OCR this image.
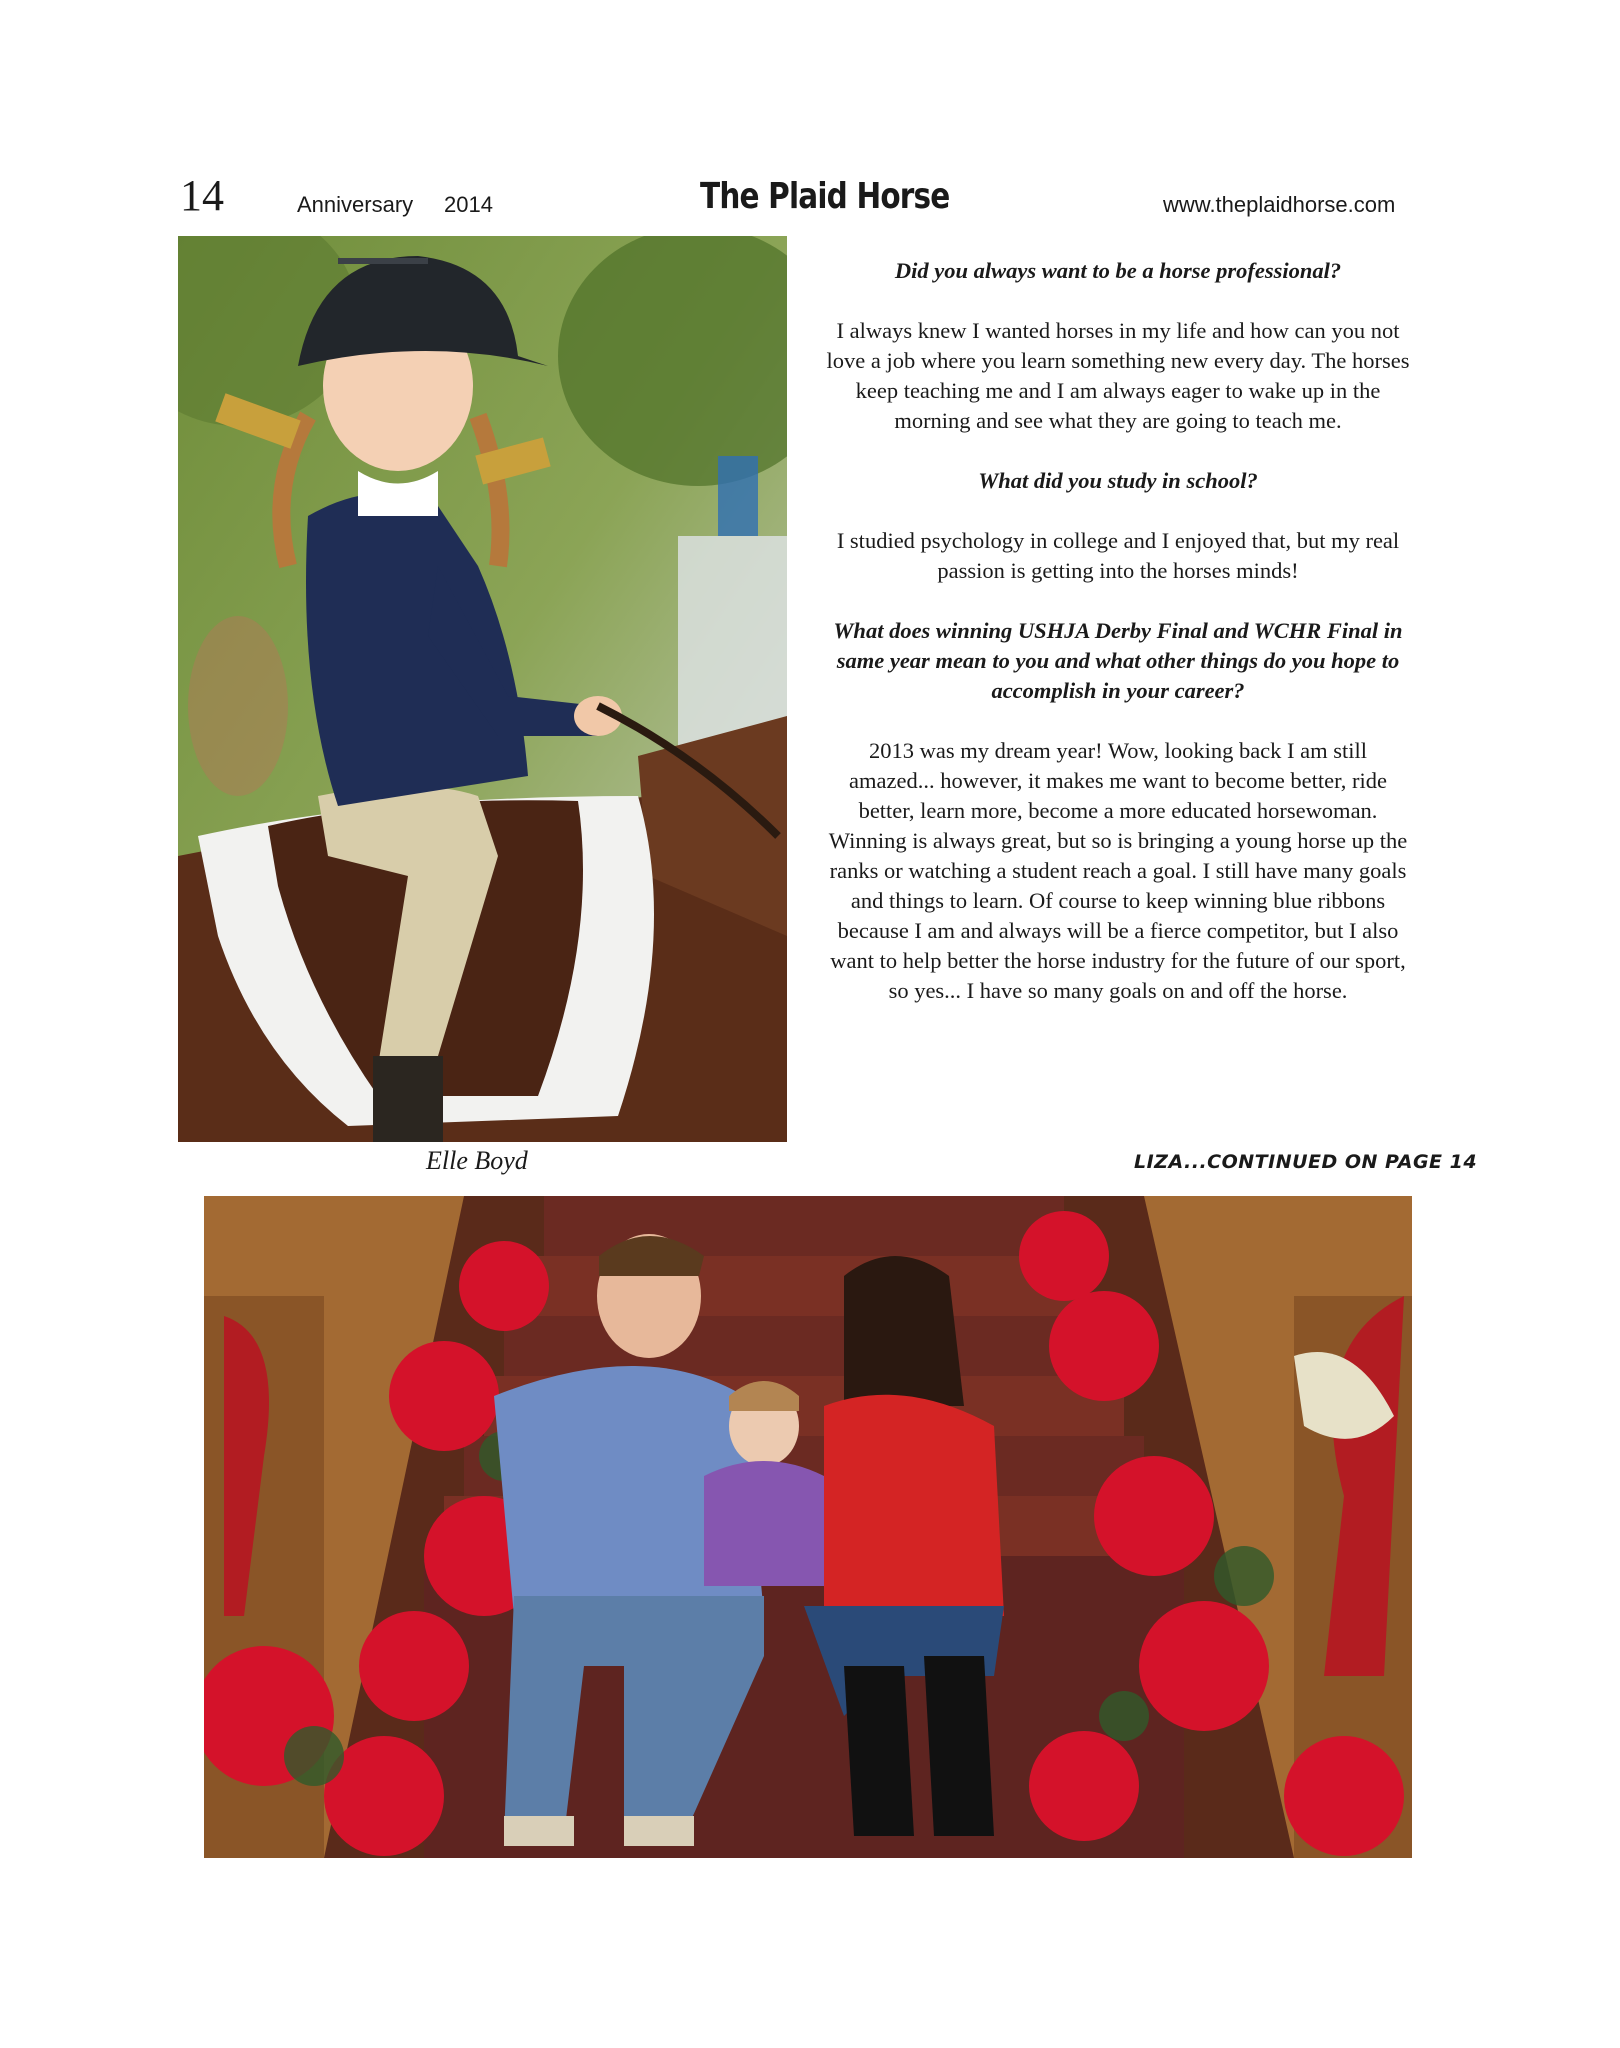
14	Anniversary 2014	The Plaid Horse	www.theplaidhorse.com
Elle Boyd

Did you always want to be a horse professional?

I always knew I wanted horses in my life and how can you not love a job where you learn something new every day. The horses keep teaching me and I am always eager to wake up in the morning and see what they are going to teach me.

What did you study in school?

I studied psychology in college and I enjoyed that, but my real passion is getting into the horses minds!

What does winning USHJA Derby Final and WCHR Final in same year mean to you and what other things do you hope to accomplish in your career?

2013 was my dream year! Wow, looking back I am still amazed... however, it makes me want to become better, ride better, learn more, become a more educated horsewoman. Winning is always great, but so is bringing a young horse up the ranks or watching a student reach a goal. I still have many goals and things to learn. Of course to keep winning blue ribbons because I am and always will be a fierce competitor, but I also want to help better the horse industry for the future of our sport, so yes... I have so many goals on and off the horse.

LIZA...CONTINUED ON PAGE 14
